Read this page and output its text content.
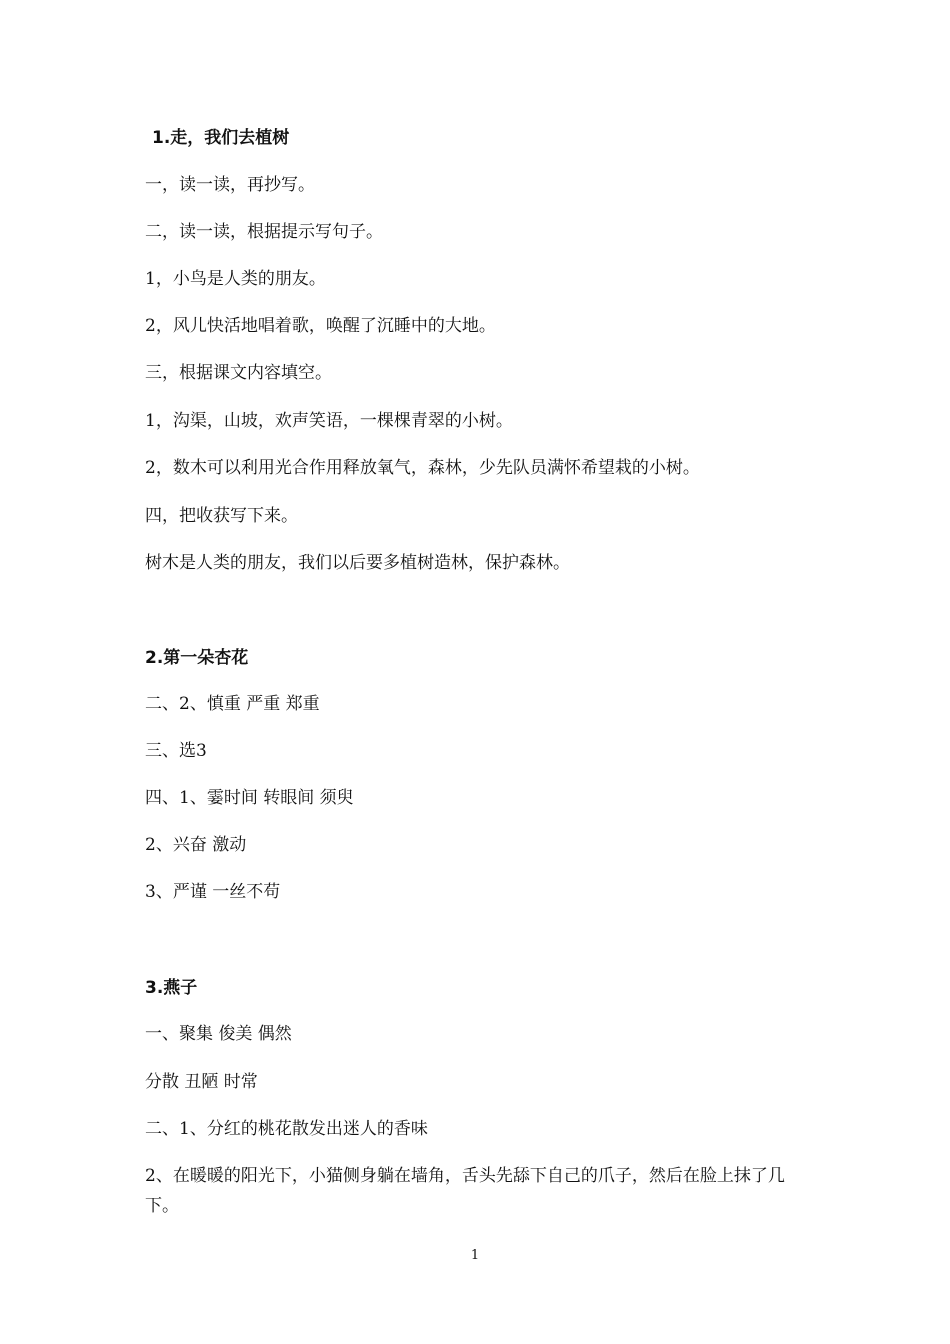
1.走，我们去植树
一，读一读，再抄写。
二，读一读，根据提示写句子。
1，小鸟是人类的朋友。
2，风儿快活地唱着歌，唤醒了沉睡中的大地。
三，根据课文内容填空。
1，沟渠，山坡，欢声笑语，一棵棵青翠的小树。
2，数木可以利用光合作用释放氧气，森林，少先队员满怀希望栽的小树。
四，把收获写下来。
树木是人类的朋友，我们以后要多植树造林，保护森林。
2.第一朵杏花
二、2、慎重 严重 郑重
三、选3
四、1、霎时间 转眼间 须臾
2、兴奋 激动
3、严谨 一丝不苟
3.燕子
一、聚集 俊美 偶然
分散 丑陋 时常
二、1、分红的桃花散发出迷人的香味
2、在暖暖的阳光下，小猫侧身躺在墙角，舌头先舔下自己的爪子，然后在脸上抹了几下。
1
